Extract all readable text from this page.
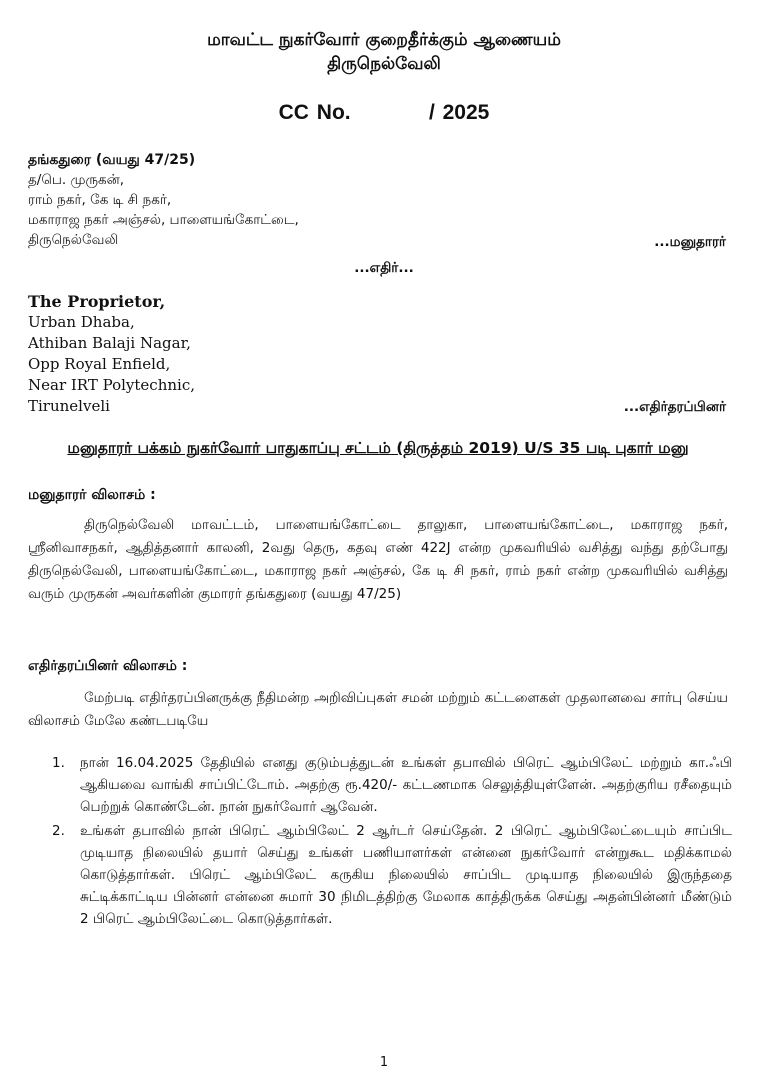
மாவட்ட நுகர்வோர் குறைதீர்க்கும் ஆணையம்
திருநெல்வேலி
CC No.          / 2025
தங்கதுரை (வயது 47/25)
த/பெ. முருகன்,
ராம் நகர், கே டி சி நகர்,
மகாராஜ நகர் அஞ்சல், பாளையங்கோட்டை,
திருநெல்வேலி	...மனுதாரர்
...எதிர்...
The Proprietor,
Urban Dhaba,
Athiban Balaji Nagar,
Opp Royal Enfield,
Near IRT Polytechnic,
Tirunelveli	...எதிர்தரப்பினர்
மனுதாரர் பக்கம் நுகர்வோர் பாதுகாப்பு சட்டம் (திருத்தம் 2019) U/S 35 படி புகார் மனு
மனுதாரர் விலாசம் :
திருநெல்வேலி மாவட்டம், பாளையங்கோட்டை தாலுகா, பாளையங்கோட்டை, மகாராஜ நகர், ஸ்ரீனிவாசநகர், ஆதித்தனார் காலனி, 2வது தெரு, கதவு எண் 422J என்ற முகவரியில் வசித்து வந்து தற்போது திருநெல்வேலி, பாளையங்கோட்டை, மகாராஜ நகர் அஞ்சல், கே டி சி நகர், ராம் நகர் என்ற முகவரியில் வசித்து வரும் முருகன் அவர்களின் குமாரர் தங்கதுரை (வயது 47/25)
எதிர்தரப்பினர் விலாசம் :
மேற்படி எதிர்தரப்பினருக்கு நீதிமன்ற அறிவிப்புகள் சமன் மற்றும் கட்டளைகள் முதலானவை சார்பு செய்ய விலாசம் மேலே கண்டபடியே
1. நான் 16.04.2025 தேதியில் எனது குடும்பத்துடன் உங்கள் தபாவில் பிரெட் ஆம்பிலேட் மற்றும் கா.ஃபி ஆகியவை வாங்கி சாப்பிட்டோம். அதற்கு ரூ.420/- கட்டணமாக செலுத்தியுள்ளேன். அதற்குரிய ரசீதையும் பெற்றுக் கொண்டேன். நான் நுகர்வோர் ஆவேன்.
2. உங்கள் தபாவில் நான் பிரெட் ஆம்பிலேட் 2 ஆர்டர் செய்தேன். 2 பிரெட் ஆம்பிலேட்டையும் சாப்பிட முடியாத நிலையில் தயார் செய்து உங்கள் பணியாளர்கள் என்னை நுகர்வோர் என்றுகூட மதிக்காமல் கொடுத்தார்கள். பிரெட் ஆம்பிலேட் கருகிய நிலையில் சாப்பிட முடியாத நிலையில் இருந்ததை சுட்டிக்காட்டிய பின்னர் என்னை சுமார் 30 நிமிடத்திற்கு மேலாக காத்திருக்க செய்து அதன்பின்னர் மீண்டும் 2 பிரெட் ஆம்பிலேட்டை கொடுத்தார்கள்.
1
